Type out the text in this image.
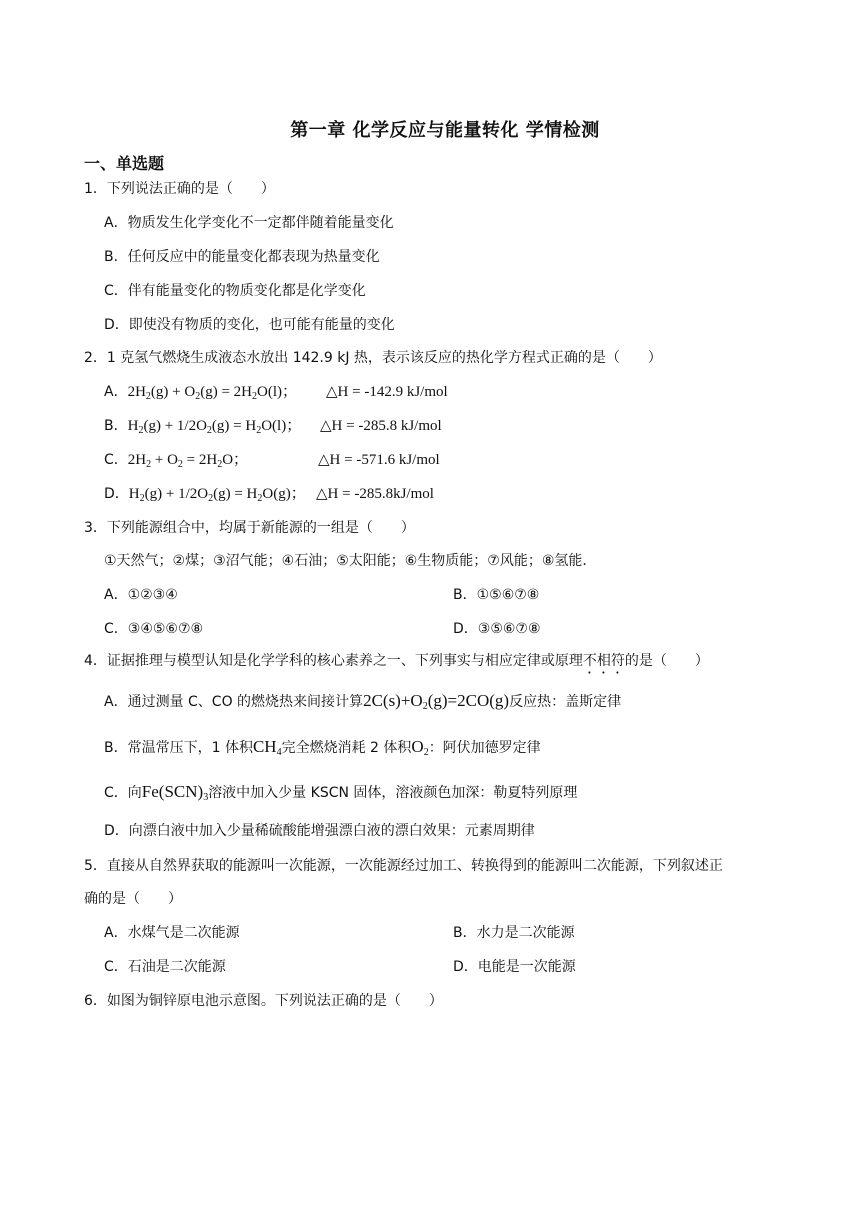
第一章 化学反应与能量转化 学情检测
一、单选题
1．下列说法正确的是（　　）
A．物质发生化学变化不一定都伴随着能量变化
B．任何反应中的能量变化都表现为热量变化
C．伴有能量变化的物质变化都是化学变化
D．即使没有物质的变化，也可能有能量的变化
2．1 克氢气燃烧生成液态水放出 142.9 kJ 热，表示该反应的热化学方程式正确的是（　　）
A．$2H_2(g) + O_2(g) = 2H_2O(l)$； △H = -142.9 kJ/mol
B．$H_2(g) + 1/2O_2(g) = H_2O(l)$； △H = -285.8 kJ/mol
C．$2H_2 + O_2 = 2H_2O$；	△H = -571.6 kJ/mol
D．$H_2(g) + 1/2O_2(g) = H_2O(g)$； △H = -285.8kJ/mol
3．下列能源组合中，均属于新能源的一组是（　　）
①天然气；②煤；③沼气能；④石油；⑤太阳能；⑥生物质能；⑦风能；⑧氢能．
A．①②③④	B．①⑤⑥⑦⑧
C．③④⑤⑥⑦⑧	D．③⑤⑥⑦⑧
4．证据推理与模型认知是化学学科的核心素养之一、下列事实与相应定律或原理不相符的是（　　）
A．通过测量 C、CO 的燃烧热来间接计算$2C(s)+O_2(g)=2CO(g)$反应热：盖斯定律
B．常温常压下，1 体积$CH_4$完全燃烧消耗 2 体积$O_2$：阿伏加德罗定律
C．向$Fe(SCN)_3$溶液中加入少量 KSCN 固体，溶液颜色加深：勒夏特列原理
D．向漂白液中加入少量稀硫酸能增强漂白液的漂白效果：元素周期律
5．直接从自然界获取的能源叫一次能源，一次能源经过加工、转换得到的能源叫二次能源，下列叙述正
确的是（　　）
A．水煤气是二次能源	B．水力是二次能源
C．石油是二次能源	D．电能是一次能源
6．如图为铜锌原电池示意图。下列说法正确的是（　　）
